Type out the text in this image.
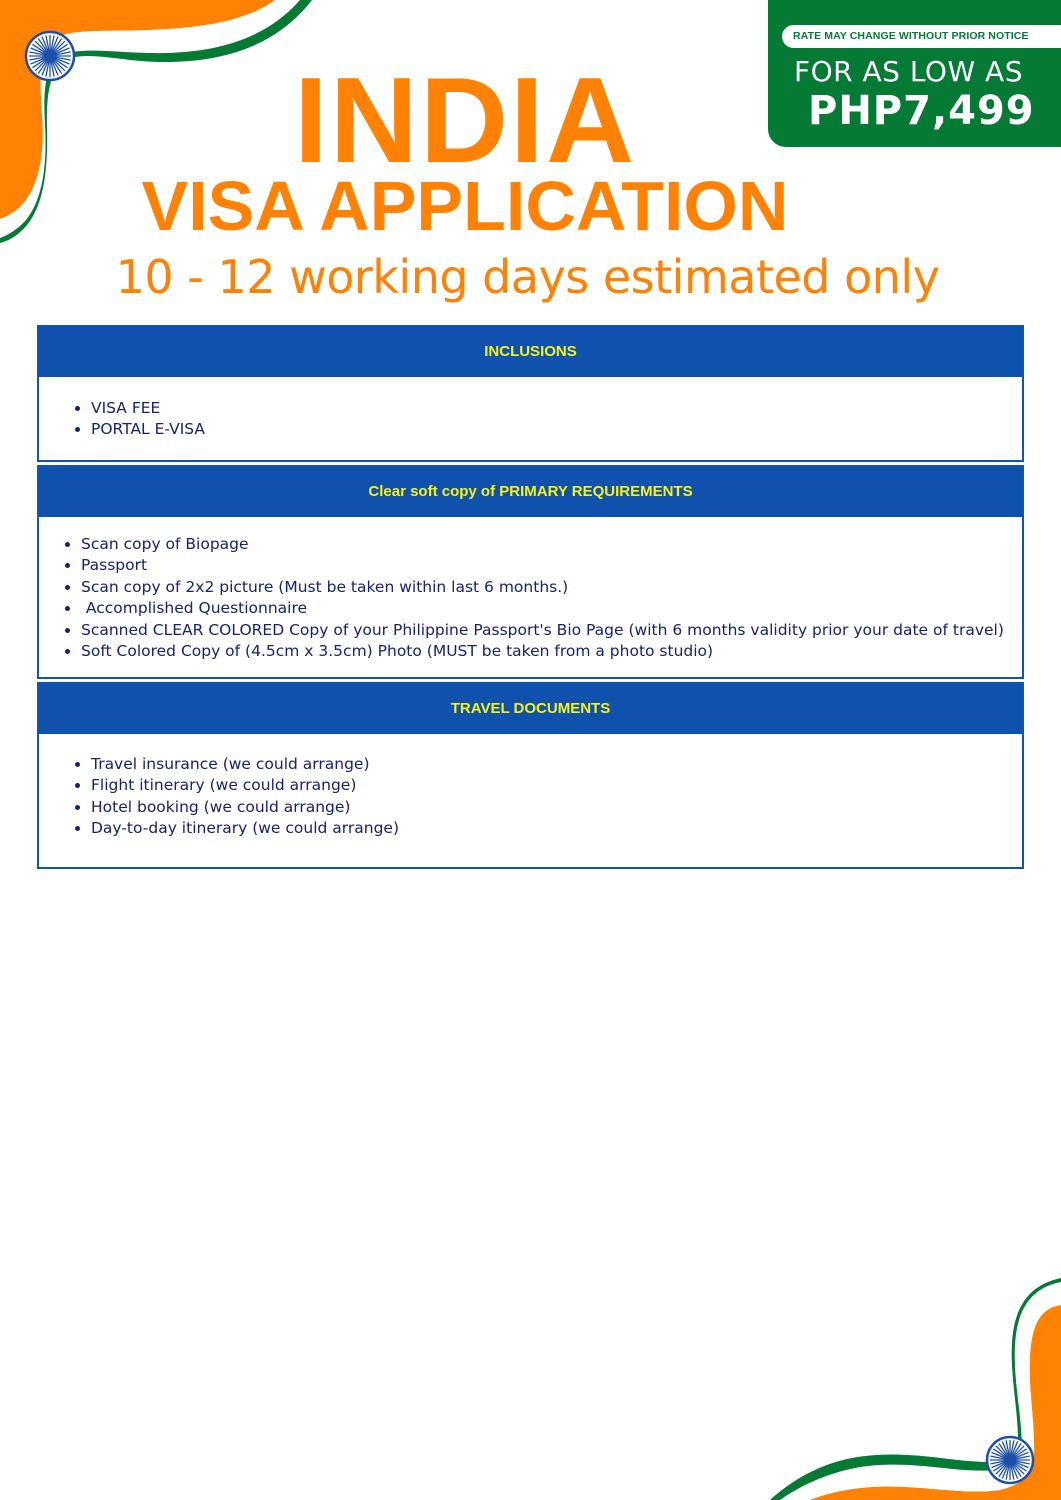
RATE MAY CHANGE WITHOUT PRIOR NOTICE
FOR AS LOW AS
PHP7,499
INDIA
VISA APPLICATION
10 - 12 working days estimated only
INCLUSIONS
• VISA FEE
• PORTAL E-VISA
Clear soft copy of PRIMARY REQUIREMENTS
• Scan copy of Biopage
• Passport
• Scan copy of 2x2 picture (Must be taken within last 6 months.)
•  Accomplished Questionnaire
• Scanned CLEAR COLORED Copy of your Philippine Passport's Bio Page (with 6 months validity prior your date of travel)
• Soft Colored Copy of (4.5cm x 3.5cm) Photo (MUST be taken from a photo studio)
TRAVEL DOCUMENTS
• Travel insurance (we could arrange)
• Flight itinerary (we could arrange)
• Hotel booking (we could arrange)
• Day-to-day itinerary (we could arrange)
